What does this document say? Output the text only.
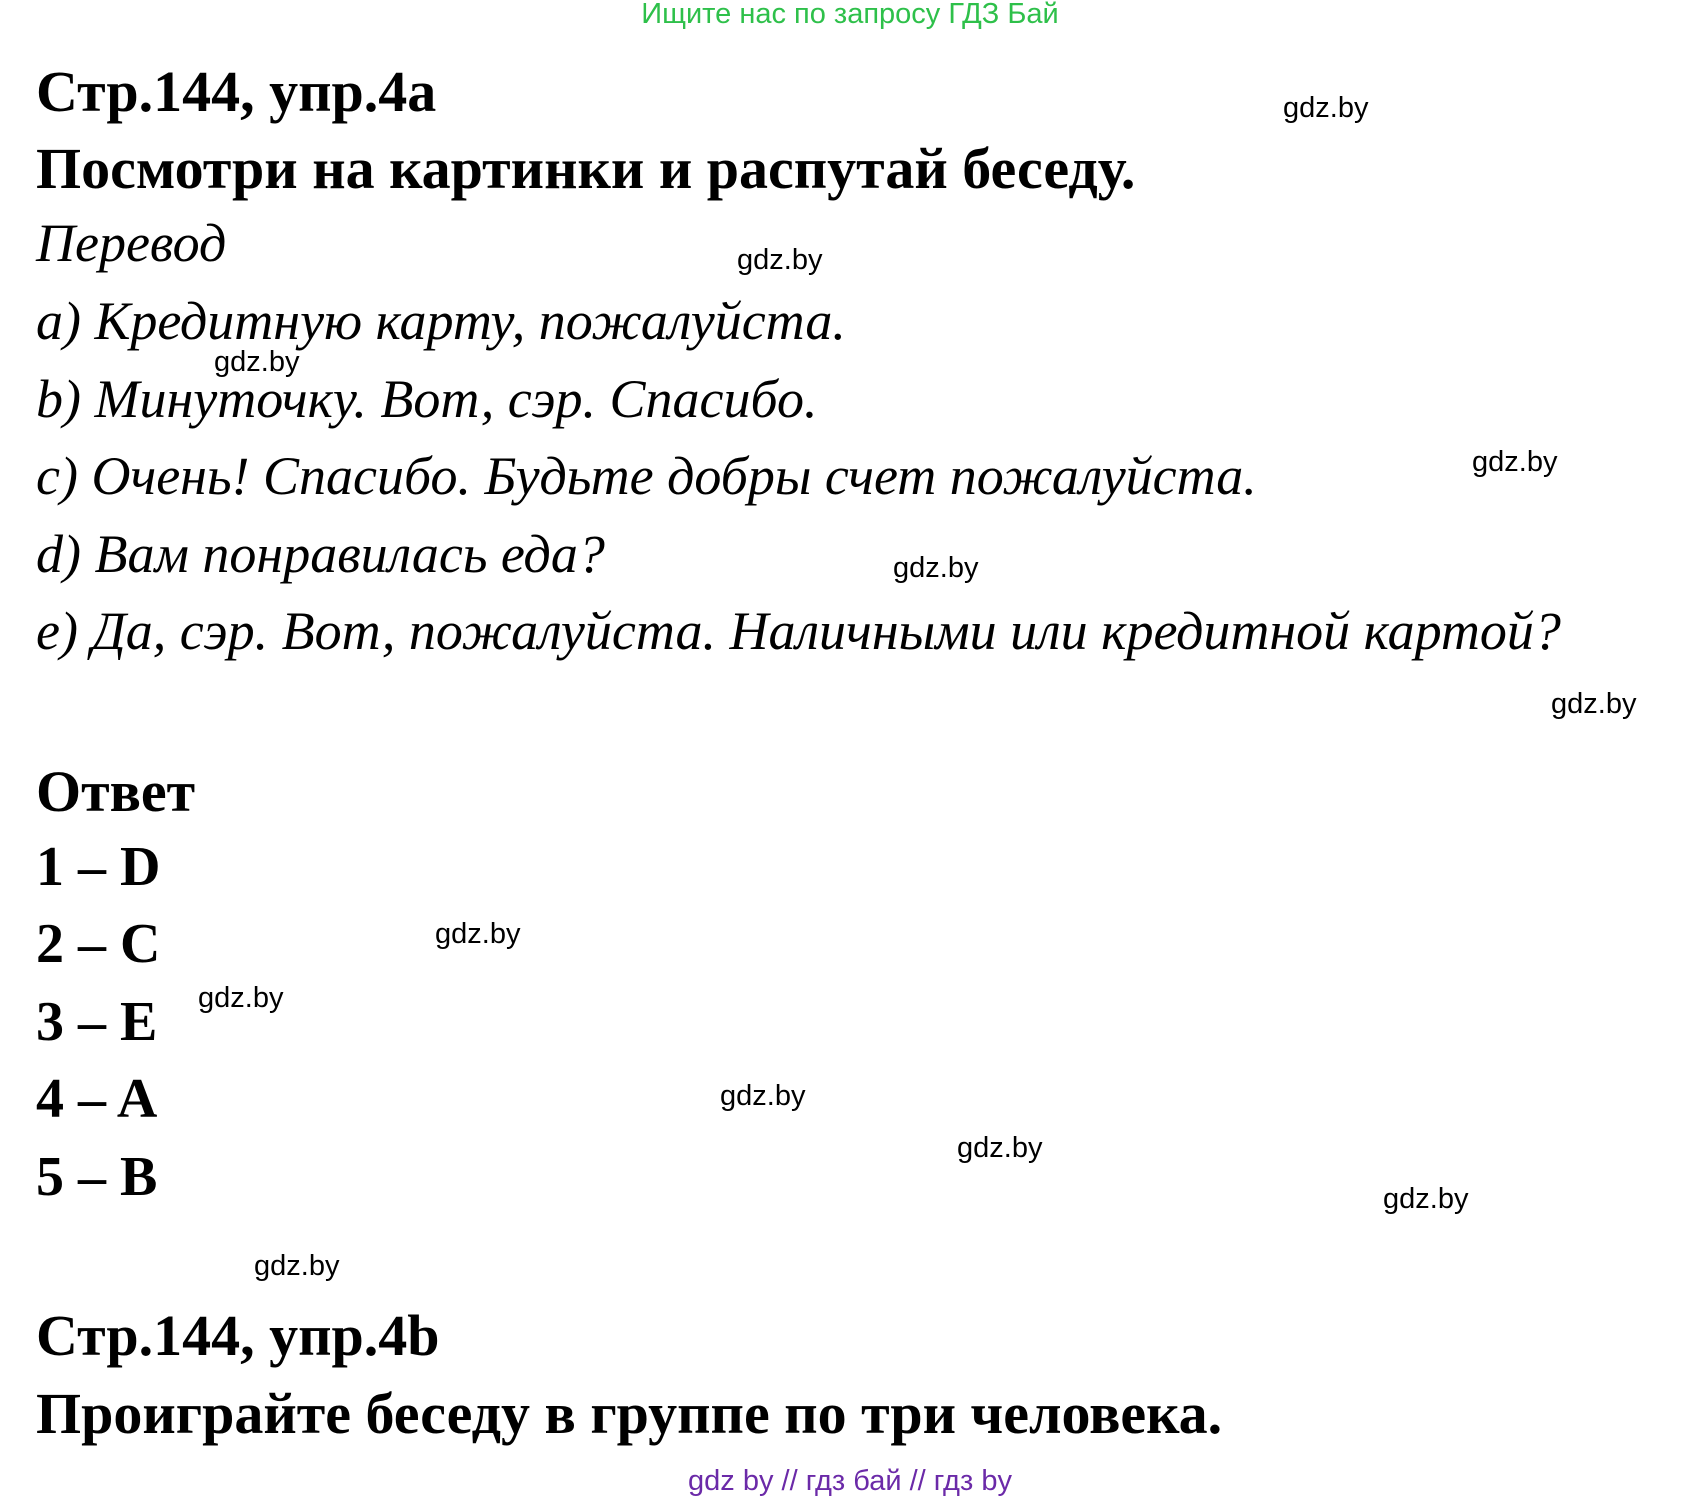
Ищите нас по запросу ГДЗ Бай
Стр.144, упр.4a
Посмотри на картинки и распутай беседу.
Перевод
a) Кредитную карту, пожалуйста.
b) Минуточку. Вот, сэр. Спасибо.
c) Очень! Спасибо. Будьте добры счет пожалуйста.
d) Вам понравилась еда?
e) Да, сэр. Вот, пожалуйста. Наличными или кредитной картой?
Ответ
1 – D
2 – C
3 – E
4 – A
5 – B
Стр.144, упр.4b
Проиграйте беседу в группе по три человека.
gdz.by
gdz.by
gdz.by
gdz.by
gdz.by
gdz.by
gdz.by
gdz.by
gdz.by
gdz.by
gdz.by
gdz.by
gdz by // гдз бай // гдз by
